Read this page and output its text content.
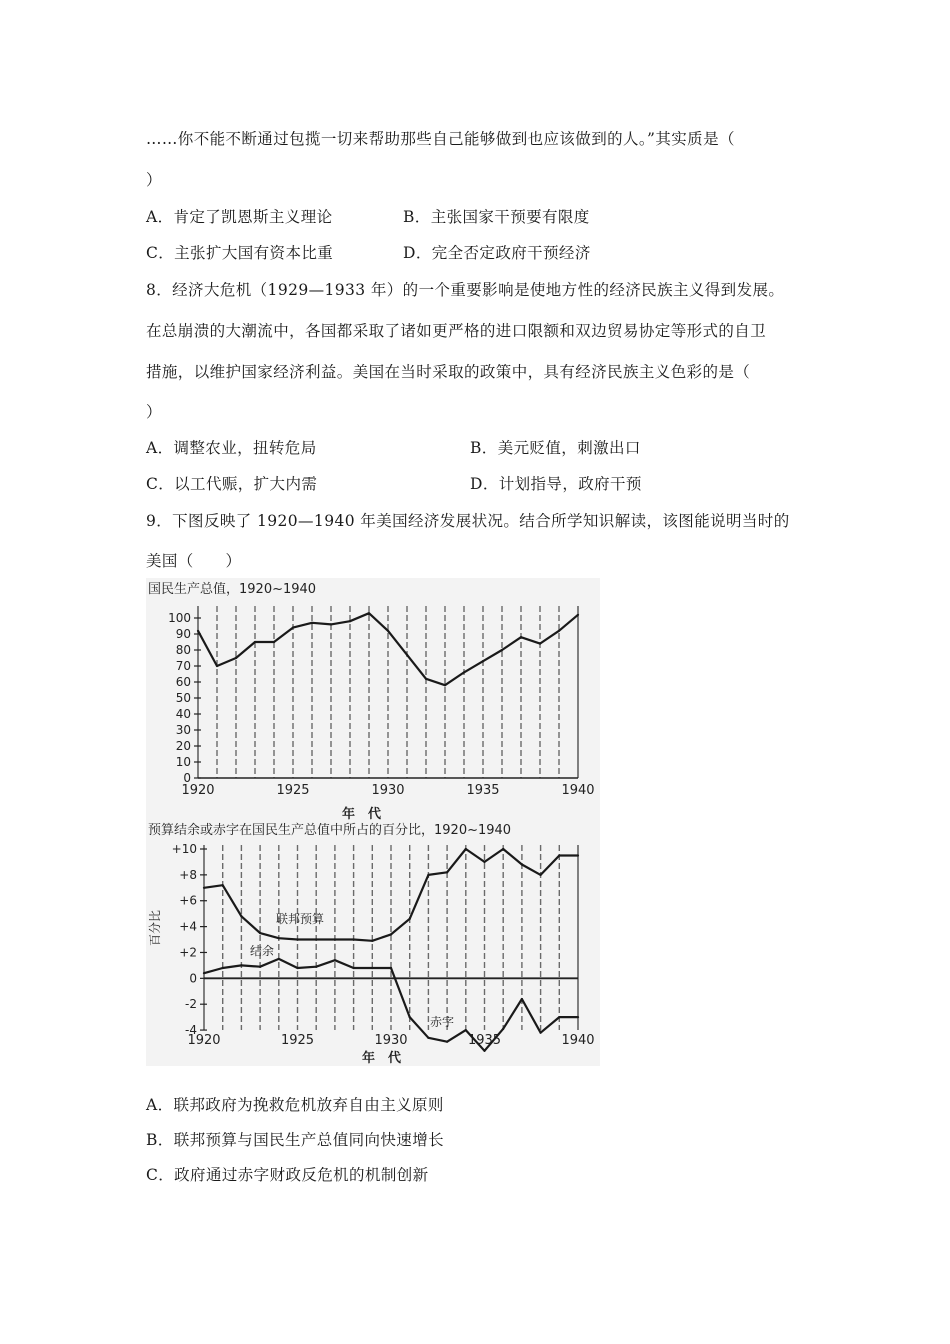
……你不能不断通过包揽一切来帮助那些自己能够做到也应该做到的人。”其实质是（
）
A．肯定了凯恩斯主义理论	B．主张国家干预要有限度
C．主张扩大国有资本比重	D．完全否定政府干预经济
8．经济大危机（1929—1933 年）的一个重要影响是使地方性的经济民族主义得到发展。
在总崩溃的大潮流中，各国都采取了诸如更严格的进口限额和双边贸易协定等形式的自卫
措施，以维护国家经济利益。美国在当时采取的政策中，具有经济民族主义色彩的是（
）
A．调整农业，扭转危局	B．美元贬值，刺激出口
C．以工代赈，扩大内需	D．计划指导，政府干预
9．下图反映了 1920—1940 年美国经济发展状况。结合所学知识解读，该图能说明当时的
美国（　　）
国民生产总值，1920~1940
0
10
20
30
40
50
60
70
80
90
100
1920	1925	1930	1935	1940
年　代
预算结余或赤字在国民生产总值中所占的百分比，1920~1940
-4
-2
0
+2
+4
+6
+8
+10
1920	1925	1930	1935	1940
年　代
百分比	联邦预算
结余
赤字
A．联邦政府为挽救危机放弃自由主义原则
B．联邦预算与国民生产总值同向快速增长
C．政府通过赤字财政反危机的机制创新
